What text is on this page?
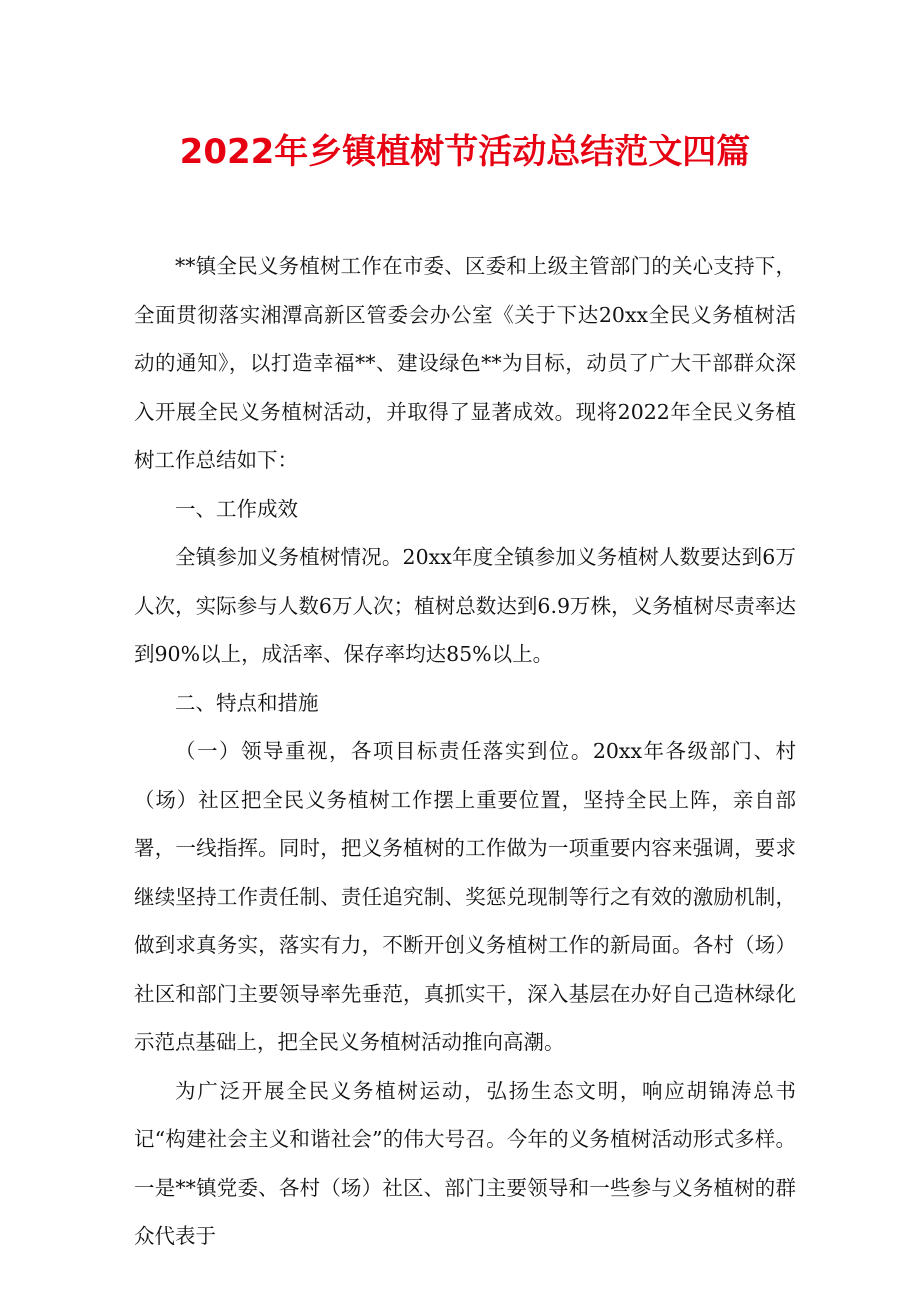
2022年乡镇植树节活动总结范文四篇

**镇全民义务植树工作在市委、区委和上级主管部门的关心支持下，全面贯彻落实湘潭高新区管委会办公室《关于下达20xx全民义务植树活动的通知》，以打造幸福**、建设绿色**为目标，动员了广大干部群众深入开展全民义务植树活动，并取得了显著成效。现将2022年全民义务植树工作总结如下：

一、工作成效

全镇参加义务植树情况。20xx年度全镇参加义务植树人数要达到6万人次，实际参与人数6万人次；植树总数达到6.9万株，义务植树尽责率达到90%以上，成活率、保存率均达85%以上。

二、特点和措施

（一）领导重视，各项目标责任落实到位。20xx年各级部门、村（场）社区把全民义务植树工作摆上重要位置，坚持全民上阵，亲自部署，一线指挥。同时，把义务植树的工作做为一项重要内容来强调，要求继续坚持工作责任制、责任追究制、奖惩兑现制等行之有效的激励机制，做到求真务实，落实有力，不断开创义务植树工作的新局面。各村（场）社区和部门主要领导率先垂范，真抓实干，深入基层在办好自己造林绿化示范点基础上，把全民义务植树活动推向高潮。

为广泛开展全民义务植树运动，弘扬生态文明，响应胡锦涛总书记“构建社会主义和谐社会”的伟大号召。今年的义务植树活动形式多样。一是**镇党委、各村（场）社区、部门主要领导和一些参与义务植树的群众代表于
